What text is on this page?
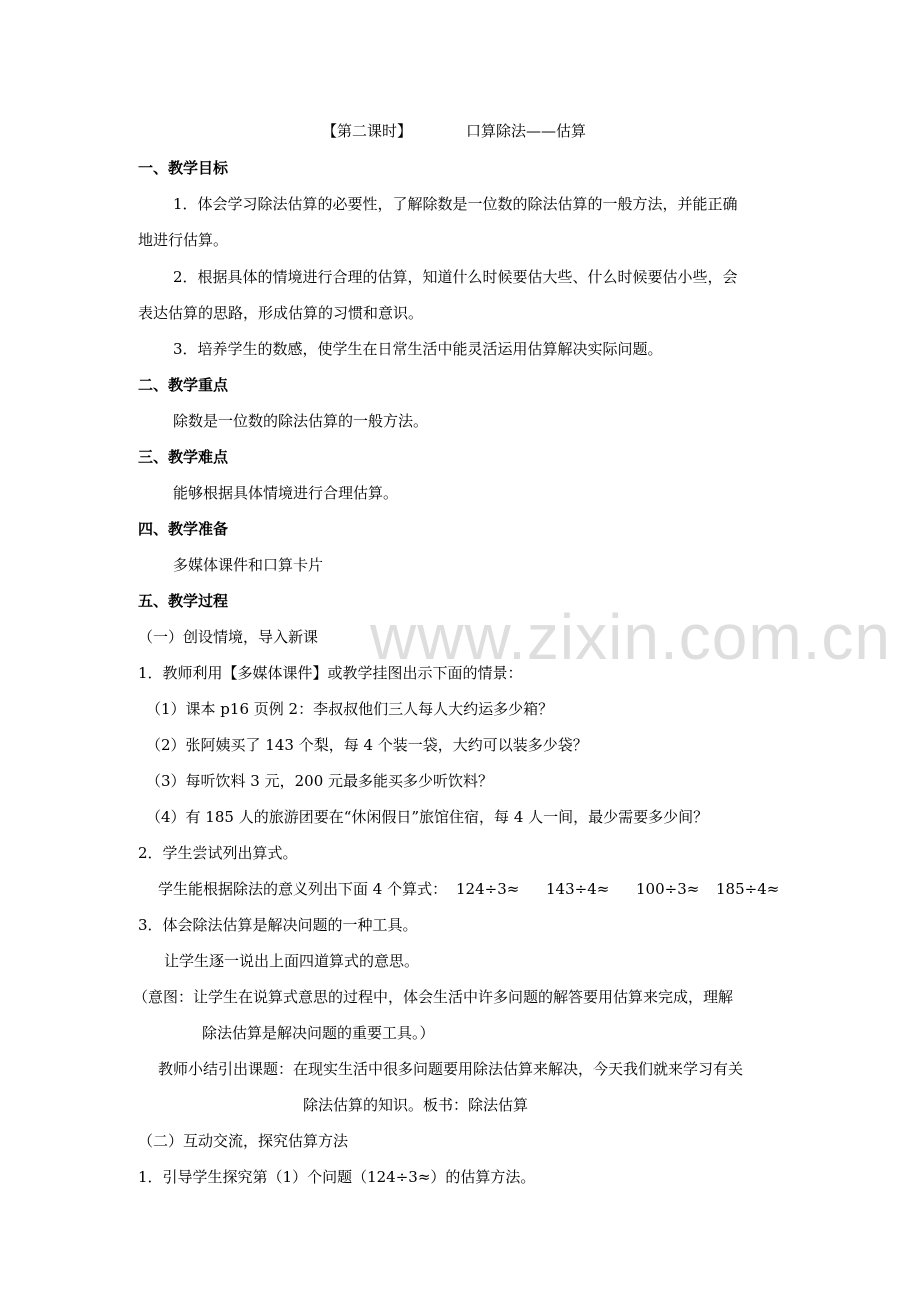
【第二课时】	口算除法——估算
一、教学目标
1．体会学习除法估算的必要性，了解除数是一位数的除法估算的一般方法，并能正确
地进行估算。
2．根据具体的情境进行合理的估算，知道什么时候要估大些、什么时候要估小些，会
表达估算的思路，形成估算的习惯和意识。
3．培养学生的数感，使学生在日常生活中能灵活运用估算解决实际问题。
二、教学重点
除数是一位数的除法估算的一般方法。
三、教学难点
能够根据具体情境进行合理估算。
四、教学准备
多媒体课件和口算卡片
五、教学过程 www.zixin.com.cn
（一）创设情境，导入新课
1．教师利用【多媒体课件】或教学挂图出示下面的情景：
（1）课本 p16 页例 2：李叔叔他们三人每人大约运多少箱？
（2）张阿姨买了 143 个梨，每 4 个装一袋，大约可以装多少袋？
（3）每听饮料 3 元，200 元最多能买多少听饮料？
（4）有 185 人的旅游团要在“休闲假日”旅馆住宿，每 4 人一间，最少需要多少间？
2．学生尝试列出算式。
学生能根据除法的意义列出下面 4 个算式： 124÷3≈ 143÷4≈ 100÷3≈ 185÷4≈
3．体会除法估算是解决问题的一种工具。
让学生逐一说出上面四道算式的意思。
（意图：让学生在说算式意思的过程中，体会生活中许多问题的解答要用估算来完成，理解
除法估算是解决问题的重要工具。）
教师小结引出课题：在现实生活中很多问题要用除法估算来解决，今天我们就来学习有关
除法估算的知识。板书：除法估算
（二）互动交流，探究估算方法
1．引导学生探究第（1）个问题（124÷3≈）的估算方法。
